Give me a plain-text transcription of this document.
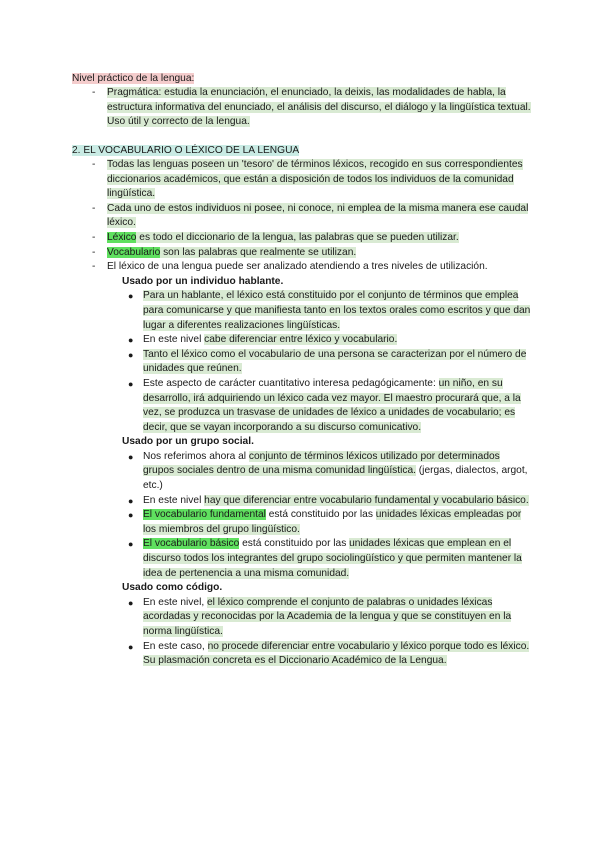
Nivel práctico de la lengua:
- Pragmática: estudia la enunciación, el enunciado, la deixis, las modalidades de habla, la estructura informativa del enunciado, el análisis del discurso, el diálogo y la lingüística textual. Uso útil y correcto de la lengua.
2. EL VOCABULARIO O LÉXICO DE LA LENGUA
- Todas las lenguas poseen un 'tesoro' de términos léxicos, recogido en sus correspondientes diccionarios académicos, que están a disposición de todos los individuos de la comunidad lingüística.
- Cada uno de estos individuos ni posee, ni conoce, ni emplea de la misma manera ese caudal léxico.
- Léxico es todo el diccionario de la lengua, las palabras que se pueden utilizar.
- Vocabulario son las palabras que realmente se utilizan.
- El léxico de una lengua puede ser analizado atendiendo a tres niveles de utilización.
Usado por un individuo hablante.
● Para un hablante, el léxico está constituido por el conjunto de términos que emplea para comunicarse y que manifiesta tanto en los textos orales como escritos y que dan lugar a diferentes realizaciones lingüísticas.
● En este nivel cabe diferenciar entre léxico y vocabulario.
● Tanto el léxico como el vocabulario de una persona se caracterizan por el número de unidades que reúnen.
● Este aspecto de carácter cuantitativo interesa pedagógicamente: un niño, en su desarrollo, irá adquiriendo un léxico cada vez mayor. El maestro procurará que, a la vez, se produzca un trasvase de unidades de léxico a unidades de vocabulario; es decir, que se vayan incorporando a su discurso comunicativo.
Usado por un grupo social.
● Nos referimos ahora al conjunto de términos léxicos utilizado por determinados grupos sociales dentro de una misma comunidad lingüística. (jergas, dialectos, argot, etc.)
● En este nivel hay que diferenciar entre vocabulario fundamental y vocabulario básico.
● El vocabulario fundamental está constituido por las unidades léxicas empleadas por los miembros del grupo lingüístico.
● El vocabulario básico está constituido por las unidades léxicas que emplean en el discurso todos los integrantes del grupo sociolingüístico y que permiten mantener la idea de pertenencia a una misma comunidad.
Usado como código.
● En este nivel, el léxico comprende el conjunto de palabras o unidades léxicas acordadas y reconocidas por la Academia de la lengua y que se constituyen en la norma lingüística.
● En este caso, no procede diferenciar entre vocabulario y léxico porque todo es léxico. Su plasmación concreta es el Diccionario Académico de la Lengua.
